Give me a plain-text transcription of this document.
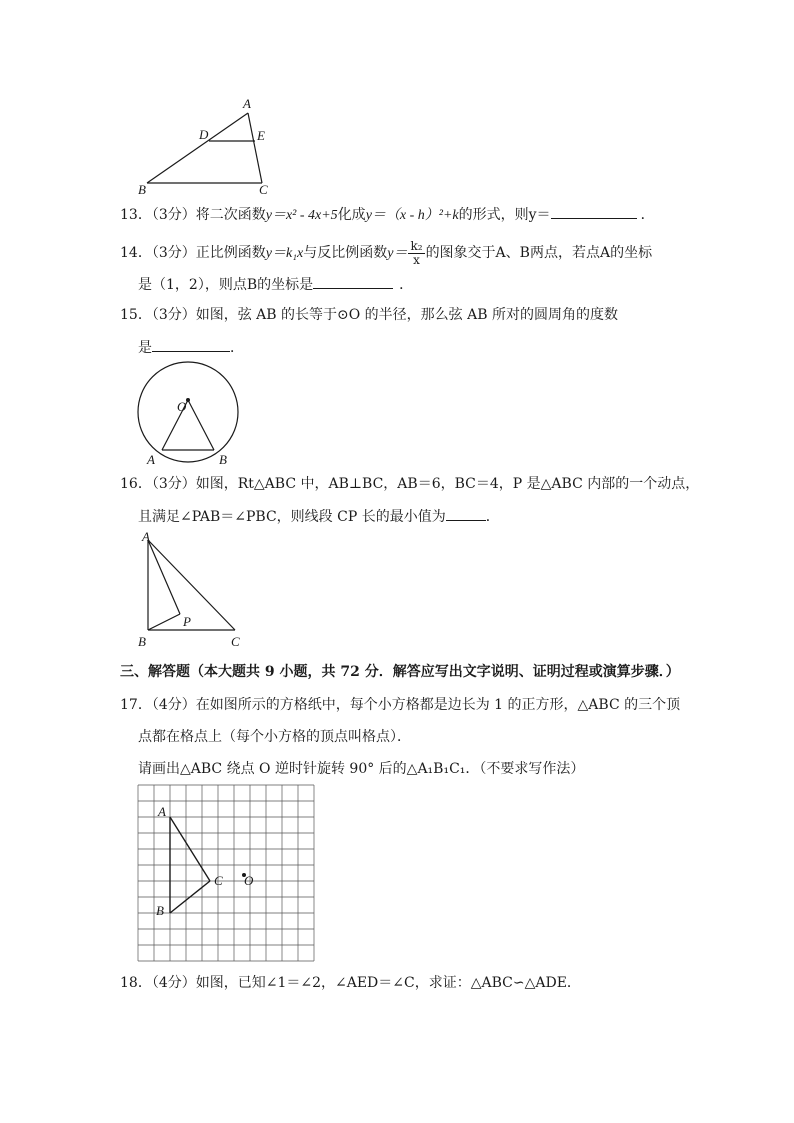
A
D	E
B	C
13．（3分）将二次函数y＝x² - 4x+5化成y＝（x - h）²+k的形式，则y＝	．
14．（3分）正比例函数y＝k₁x与反比例函数$y= \frac{\text{k₂}}{x}$ 的图象交于A、B两点，若点A的坐标
是（1，2），则点B的坐标是	．
15．（3分）如图，弦 AB 的长等于⊙O 的半径，那么弦 AB 所对的圆周角的度数
是	．
O
A	B
16．（3分）如图，Rt△ABC 中，AB⊥BC，AB＝6，BC＝4，P 是△ABC 内部的一个动点，
且满足∠PAB＝∠PBC，则线段 CP 长的最小值为	．
A
B	C
P
三、解答题（本大题共 9 小题，共 72 分．解答应写出文字说明、证明过程或演算步骤．）
17．（4分）在如图所示的方格纸中，每个小方格都是边长为 1 的正方形，△ABC 的三个顶
点都在格点上（每个小方格的顶点叫格点）．
请画出△ABC 绕点 O 逆时针旋转 90° 后的△A₁B₁C₁．（不要求写作法）
A
B
C O
18．（4分）如图，已知∠1＝∠2，∠AED＝∠C，求证：△ABC∽△ADE．
